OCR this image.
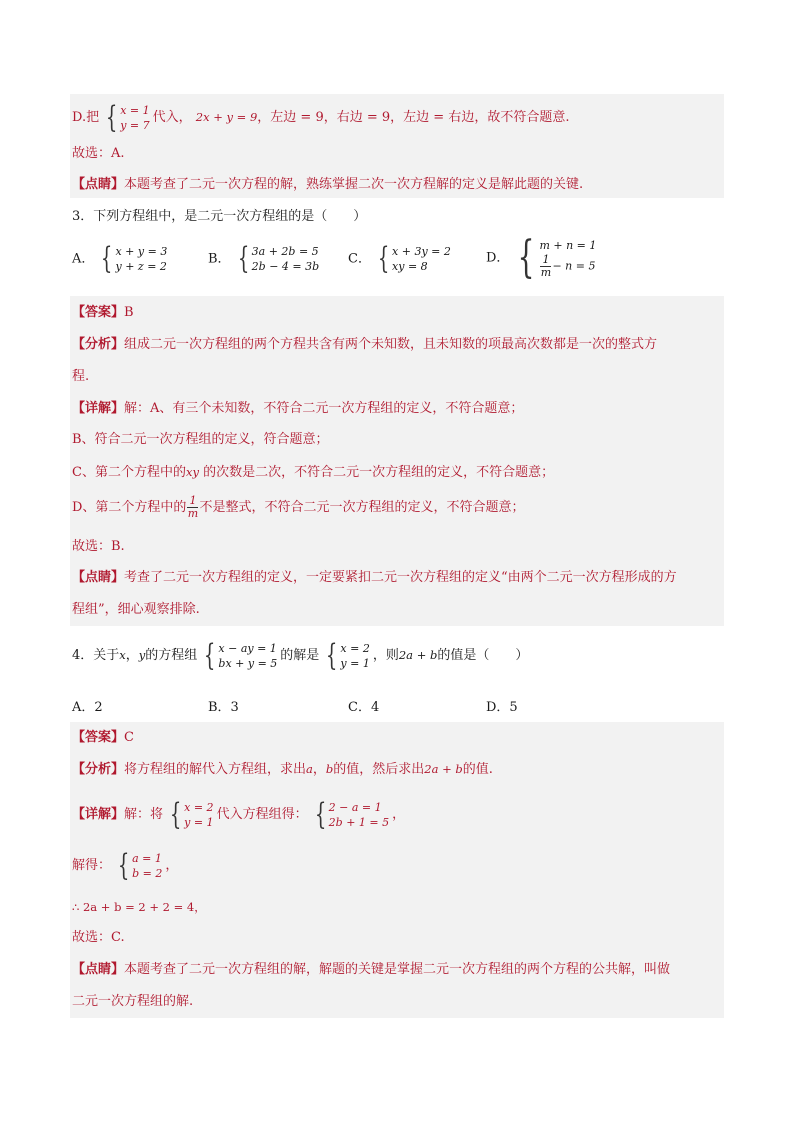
D.把 { x = 1
y = 7 代入， 2x + y = 9，左边 = 9，右边 = 9，左边 = 右边，故不符合题意.
故选：A.
【点睛】本题考查了二元一次方程的解，熟练掌握二次一次方程解的定义是解此题的关键.
3．下列方程组中，是二元一次方程组的是（　　）
A． { x + y = 3
y + z = 2	B． { 3a + 2b = 5
2b − 4 = 3b C． { x + 3y = 2
xy = 8
D． { m + n = 1
$\frac{1}{m} - n = 5$
【答案】B
【分析】组成二元一次方程组的两个方程共含有两个未知数，且未知数的项最高次数都是一次的整式方
程.
【详解】解：A、有三个未知数，不符合二元一次方程组的定义，不符合题意；
B、符合二元一次方程组的定义，符合题意；
C、第二个方程中的xy 的次数是二次，不符合二元一次方程组的定义，不符合题意；
D、第二个方程中的 $\frac{1}{m}$ 不是整式，不符合二元一次方程组的定义，不符合题意；
故选：B.
【点睛】考查了二元一次方程组的定义，一定要紧扣二元一次方程组的定义“由两个二元一次方程形成的方
程组”，细心观察排除.
4．关于x，y的方程组 { x − ay = 1
bx + y = 5 的解是 { x = 2
y = 1 ，则2a + b的值是（　　）
A．2	B．3	C．4	D．5
【答案】C
【分析】将方程组的解代入方程组，求出a，b的值，然后求出2a + b的值.
【详解】解：将 { x = 2
y = 1 代入方程组得： { 2 − a = 1
2b + 1 = 5 ，
解得： { a = 1
b = 2 ，
∴ 2a + b = 2 + 2 = 4，
故选：C.
【点睛】本题考查了二元一次方程组的解，解题的关键是掌握二元一次方程组的两个方程的公共解，叫做
二元一次方程组的解.
